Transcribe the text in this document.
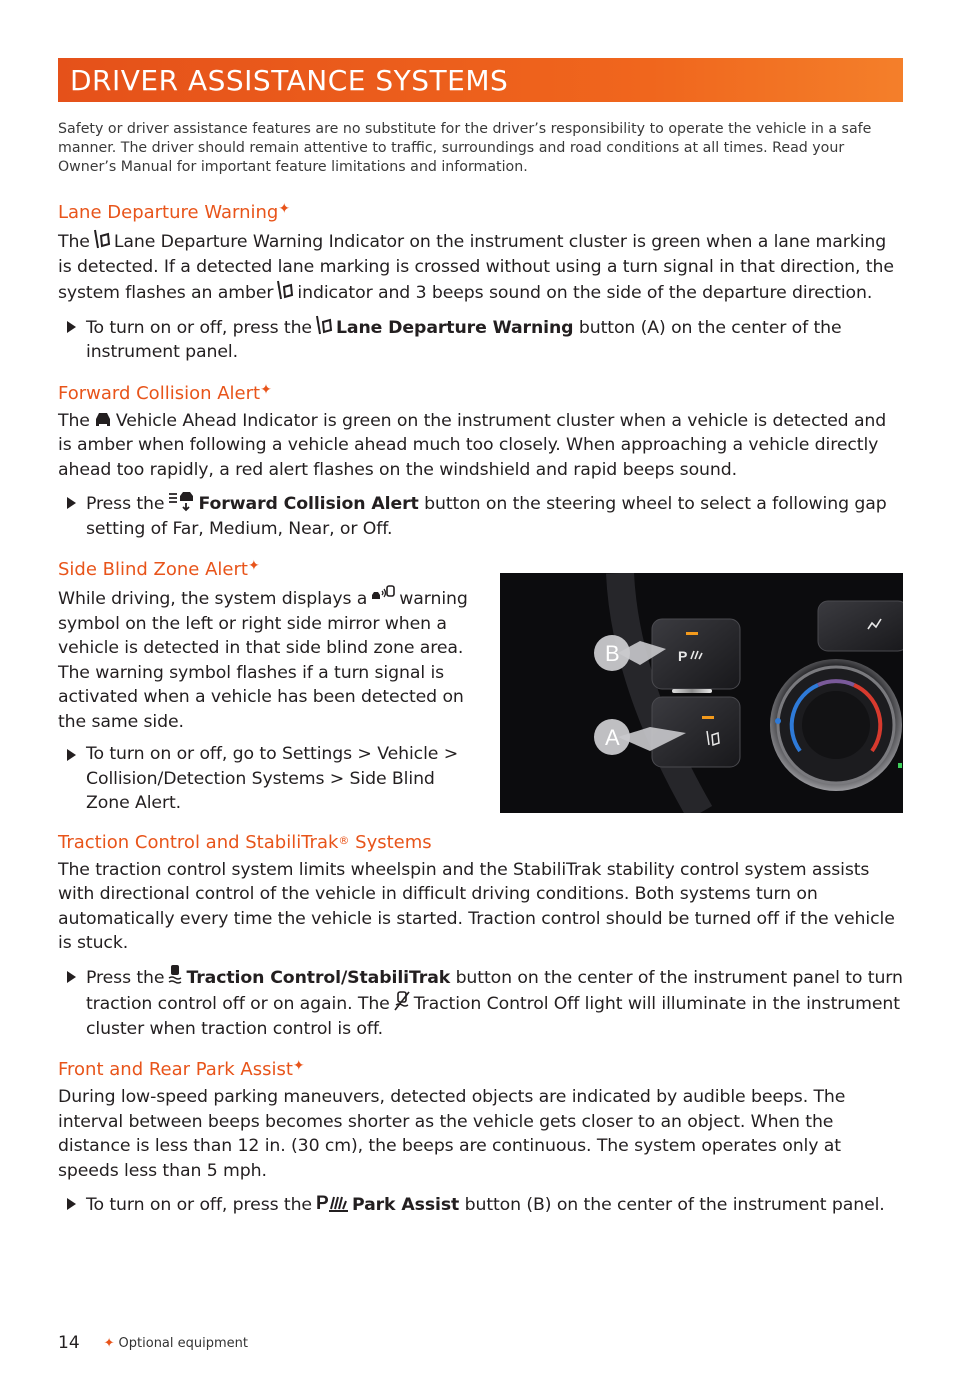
DRIVER ASSISTANCE SYSTEMS
Safety or driver assistance features are no substitute for the driver’s responsibility to operate the vehicle in a safe manner. The driver should remain attentive to traffic, surroundings and road conditions at all times. Read your Owner’s Manual for important feature limitations and information.

Lane Departure Warning✦

The Lane Departure Warning Indicator on the instrument cluster is green when a lane marking is detected. If a detected lane marking is crossed without using a turn signal in that direction, the system flashes an amber indicator and 3 beeps sound on the side of the departure direction.

To turn on or off, press the Lane Departure Warning button (A) on the center of the instrument panel.

Forward Collision Alert✦

The Vehicle Ahead Indicator is green on the instrument cluster when a vehicle is detected and is amber when following a vehicle ahead much too closely. When approaching a vehicle directly ahead too rapidly, a red alert flashes on the windshield and rapid beeps sound.

Press the Forward Collision Alert button on the steering wheel to select a following gap setting of Far, Medium, Near, or Off.

Side Blind Zone Alert✦

While driving, the system displays a warning symbol on the left or right side mirror when a vehicle is detected in that side blind zone area. The warning symbol flashes if a turn signal is activated when a vehicle has been detected on the same side.

To turn on or off, go to Settings > Vehicle > Collision/Detection Systems > Side Blind Zone Alert.

Traction Control and StabiliTrak® Systems

The traction control system limits wheelspin and the StabiliTrak stability control system assists with directional control of the vehicle in difficult driving conditions. Both systems turn on automatically every time the vehicle is started. Traction control should be turned off if the vehicle is stuck.

Press the Traction Control/StabiliTrak button on the center of the instrument panel to turn traction control off or on again. The Traction Control Off light will illuminate in the instrument cluster when traction control is off.

Front and Rear Park Assist✦

During low-speed parking maneuvers, detected objects are indicated by audible beeps. The interval between beeps becomes shorter as the vehicle gets closer to an object. When the distance is less than 12 in. (30 cm), the beeps are continuous. The system operates only at speeds less than 5 mph.

To turn on or off, press the P Park Assist button (B) on the center of the instrument panel.
P
B
A
14 ✦ Optional equipment
